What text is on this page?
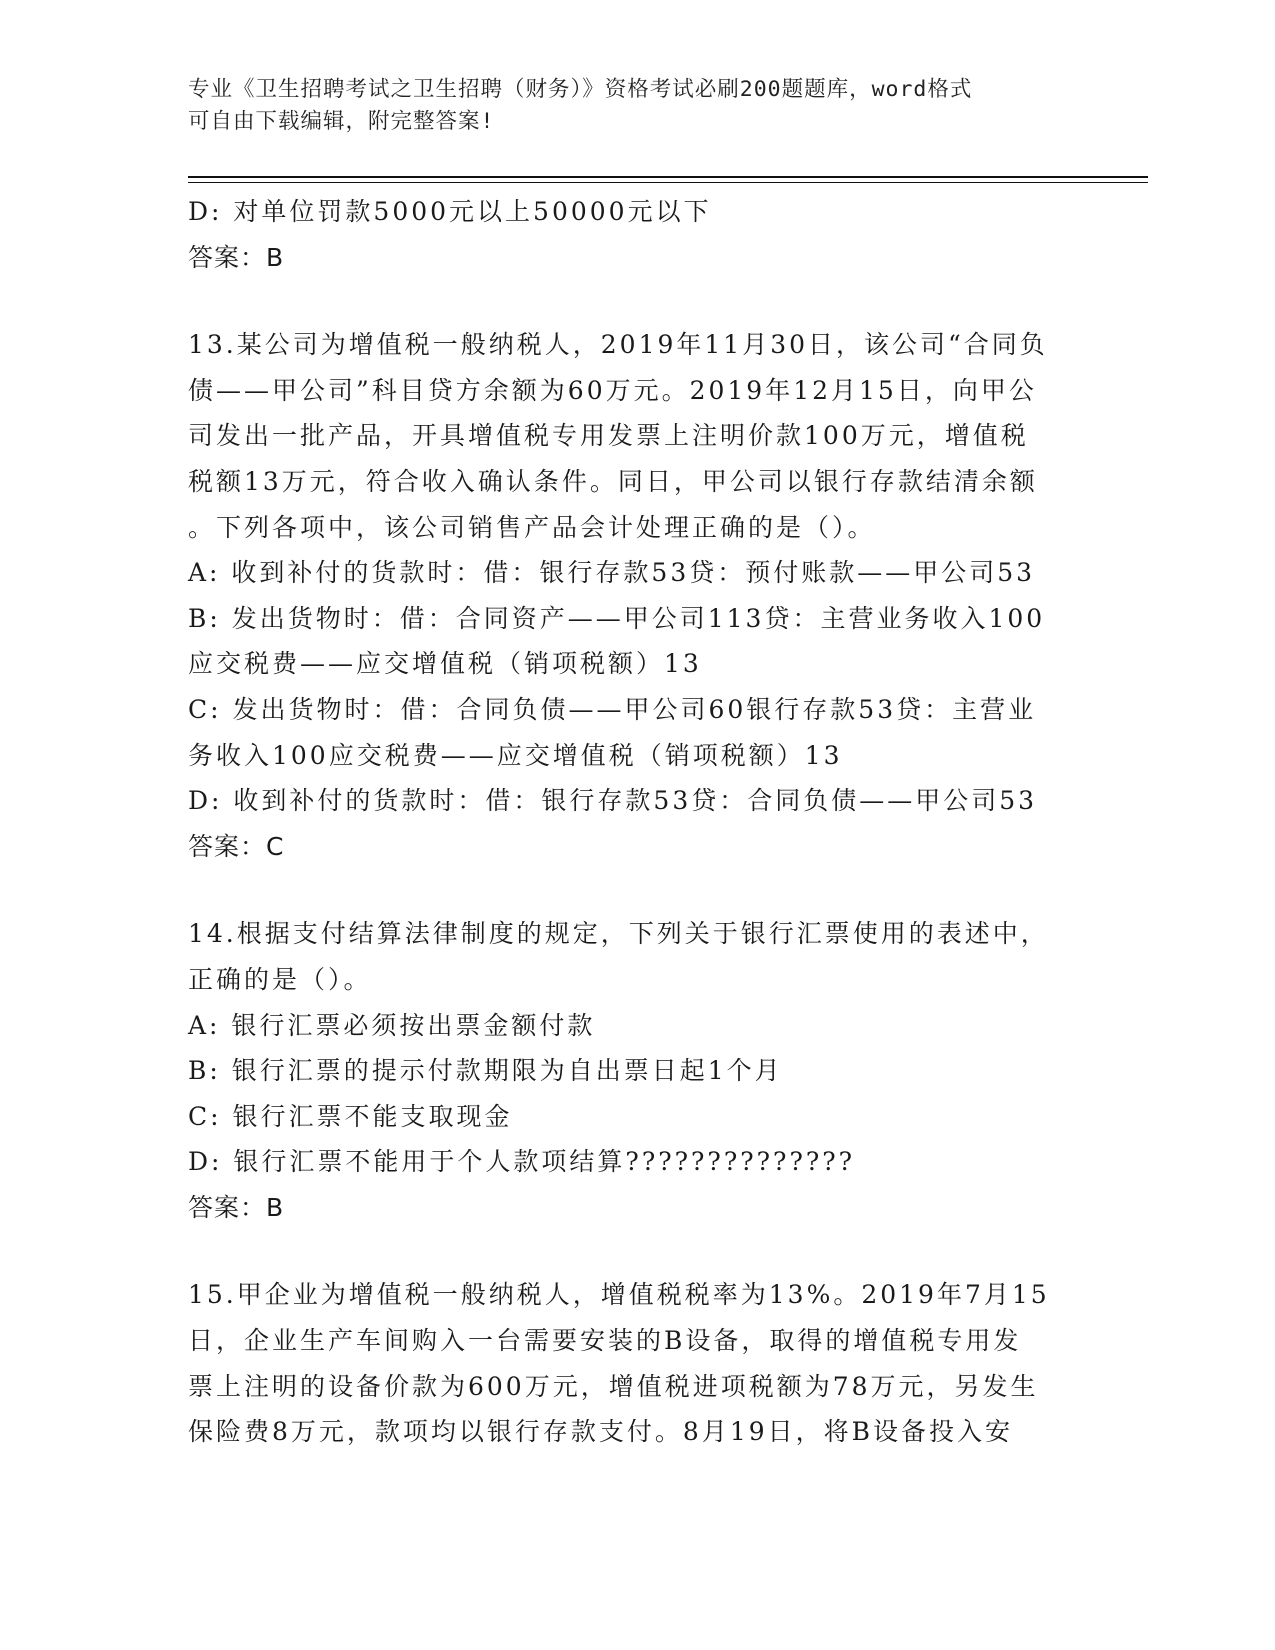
专业《卫生招聘考试之卫生招聘（财务）》资格考试必刷200题题库，word格式
可自由下载编辑，附完整答案!
D: 对单位罚款5000元以上50000元以下
答案：B
13.某公司为增值税一般纳税人，2019年11月30日，该公司“合同负
债——甲公司”科目贷方余额为60万元。2019年12月15日，向甲公
司发出一批产品，开具增值税专用发票上注明价款100万元，增值税
税额13万元，符合收入确认条件。同日，甲公司以银行存款结清余额
。下列各项中，该公司销售产品会计处理正确的是（）。
A: 收到补付的货款时：借：银行存款53贷：预付账款——甲公司53
B: 发出货物时：借：合同资产——甲公司113贷：主营业务收入100
应交税费——应交增值税（销项税额）13
C: 发出货物时：借：合同负债——甲公司60银行存款53贷：主营业
务收入100应交税费——应交增值税（销项税额）13
D: 收到补付的货款时：借：银行存款53贷：合同负债——甲公司53
答案：C
14.根据支付结算法律制度的规定，下列关于银行汇票使用的表述中，
正确的是（）。
A: 银行汇票必须按出票金额付款
B: 银行汇票的提示付款期限为自出票日起1个月
C: 银行汇票不能支取现金
D: 银行汇票不能用于个人款项结算??????????????
答案：B
15.甲企业为增值税一般纳税人，增值税税率为13%。2019年7月15
日，企业生产车间购入一台需要安装的B设备，取得的增值税专用发
票上注明的设备价款为600万元，增值税进项税额为78万元，另发生
保险费8万元，款项均以银行存款支付。8月19日，将B设备投入安
